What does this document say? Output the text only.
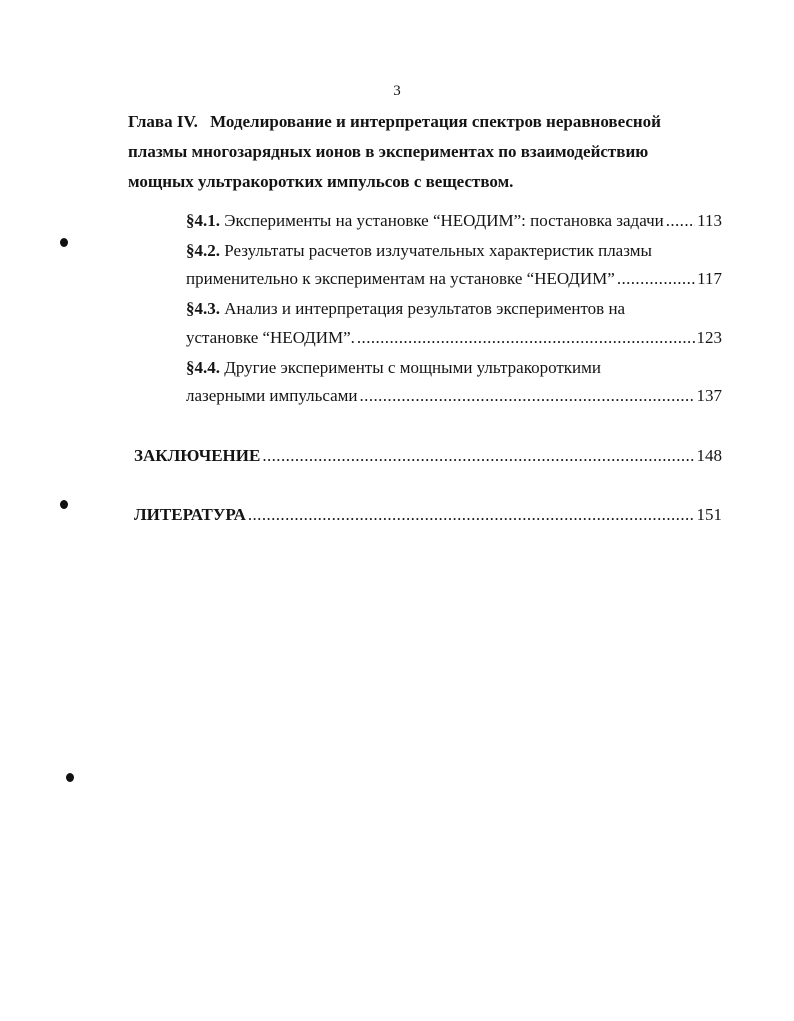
3

Глава IV. Моделирование и интерпретация спектров неравновесной плазмы многозарядных ионов в экспериментах по взаимодействию мощных ультракоротких импульсов с веществом.

§4.1.
Эксперименты на установке “НЕОДИМ”: постановка задачи ..... 113
§4.2. Результаты расчетов излучательных характеристик плазмы
применительно к экспериментам на установке “НЕОДИМ” .....	117
§4.3. Анализ и интерпретация результатов экспериментов на
установке “НЕОДИМ”. .....	123
§4.4. Другие эксперименты с мощными ультракороткими
лазерными импульсами .....	137
ЗАКЛЮЧЕНИЕ .....	148
ЛИТЕРАТУРА .....	151
